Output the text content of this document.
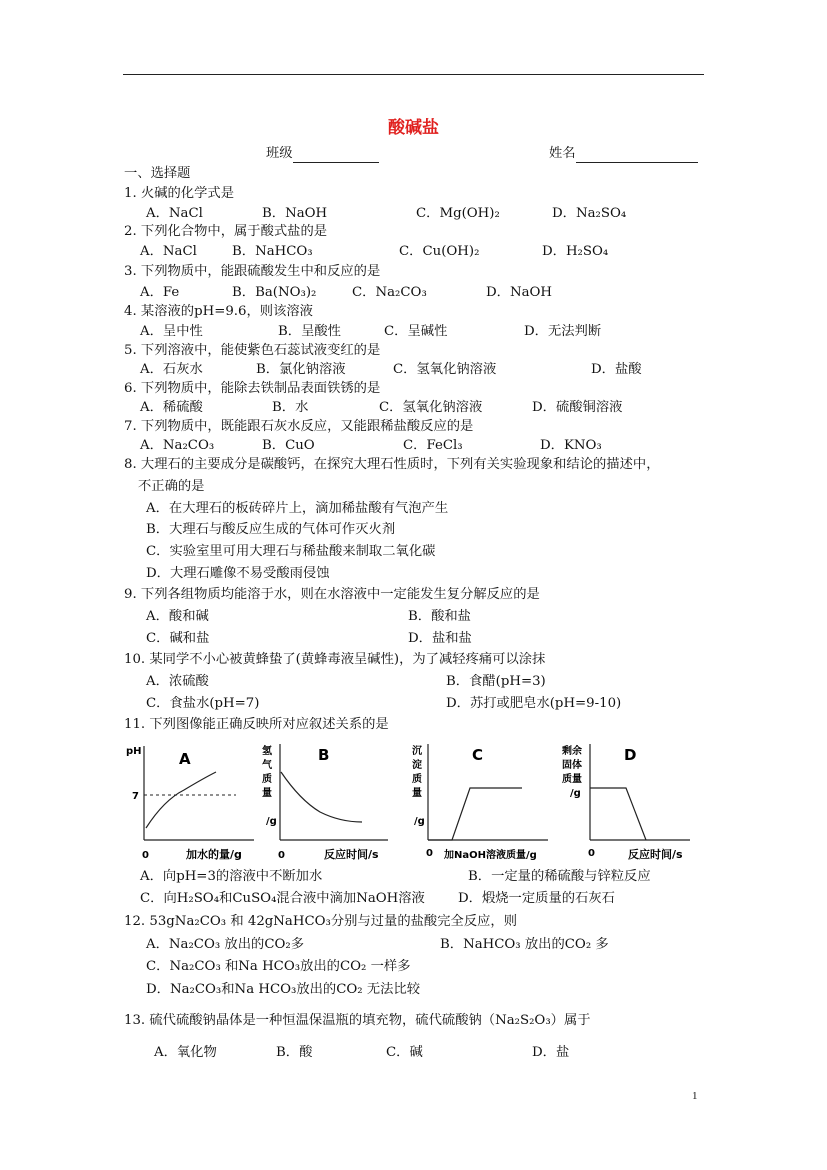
酸碱盐
班级	姓名
一、选择题
1. 火碱的化学式是
A．NaCl	B．NaOH	C．Mg(OH)₂	D．Na₂SO₄
2. 下列化合物中，属于酸式盐的是
A．NaCl	B．NaHCO₃	C．Cu(OH)₂	D．H₂SO₄
3. 下列物质中，能跟硫酸发生中和反应的是
A．Fe	B．Ba(NO₃)₂	C．Na₂CO₃	D．NaOH
4. 某溶液的pH=9.6，则该溶液
A．呈中性	B．呈酸性	C．呈碱性	D．无法判断
5. 下列溶液中，能使紫色石蕊试液变红的是
A．石灰水	B．氯化钠溶液	C．氢氧化钠溶液	D．盐酸
6. 下列物质中，能除去铁制品表面铁锈的是
A．稀硫酸	B．水	C．氢氧化钠溶液	D．硫酸铜溶液
7. 下列物质中，既能跟石灰水反应，又能跟稀盐酸反应的是
A．Na₂CO₃	B．CuO	C．FeCl₃	D．KNO₃
8. 大理石的主要成分是碳酸钙，在探究大理石性质时，下列有关实验现象和结论的描述中，
不正确的是
A．在大理石的板砖碎片上，滴加稀盐酸有气泡产生
B．大理石与酸反应生成的气体可作灭火剂
C．实验室里可用大理石与稀盐酸来制取二氧化碳
D．大理石雕像不易受酸雨侵蚀
9. 下列各组物质均能溶于水，则在水溶液中一定能发生复分解反应的是
A．酸和碱	B．酸和盐
C．碱和盐	D．盐和盐
10. 某同学不小心被黄蜂蛰了(黄蜂毒液呈碱性)，为了减轻疼痛可以涂抹
A．浓硫酸	B．食醋(pH=3)
C．食盐水(pH=7)	D．苏打或肥皂水(pH=9-10)
11. 下列图像能正确反映所对应叙述关系的是
pH A
7
0	加水的量/g
氢
气
质
量
/g
B
0	反应时间/s
沉
淀
质
量
/g
C
0 加NaOH溶液质量/g
剩余
固体
质量
/g
D
0	反应时间/s
A．向pH=3的溶液中不断加水	B．一定量的稀硫酸与锌粒反应
C．向H₂SO₄和CuSO₄混合液中滴加NaOH溶液 D．煅烧一定质量的石灰石
12. 53gNa₂CO₃ 和 42gNaHCO₃分别与过量的盐酸完全反应，则
A．Na₂CO₃ 放出的CO₂多	B．NaHCO₃ 放出的CO₂ 多
C．Na₂CO₃ 和Na HCO₃放出的CO₂ 一样多
D．Na₂CO₃和Na HCO₃放出的CO₂ 无法比较
13. 硫代硫酸钠晶体是一种恒温保温瓶的填充物，硫代硫酸钠（Na₂S₂O₃）属于
A．氧化物	B．酸	C．碱	D．盐
1
